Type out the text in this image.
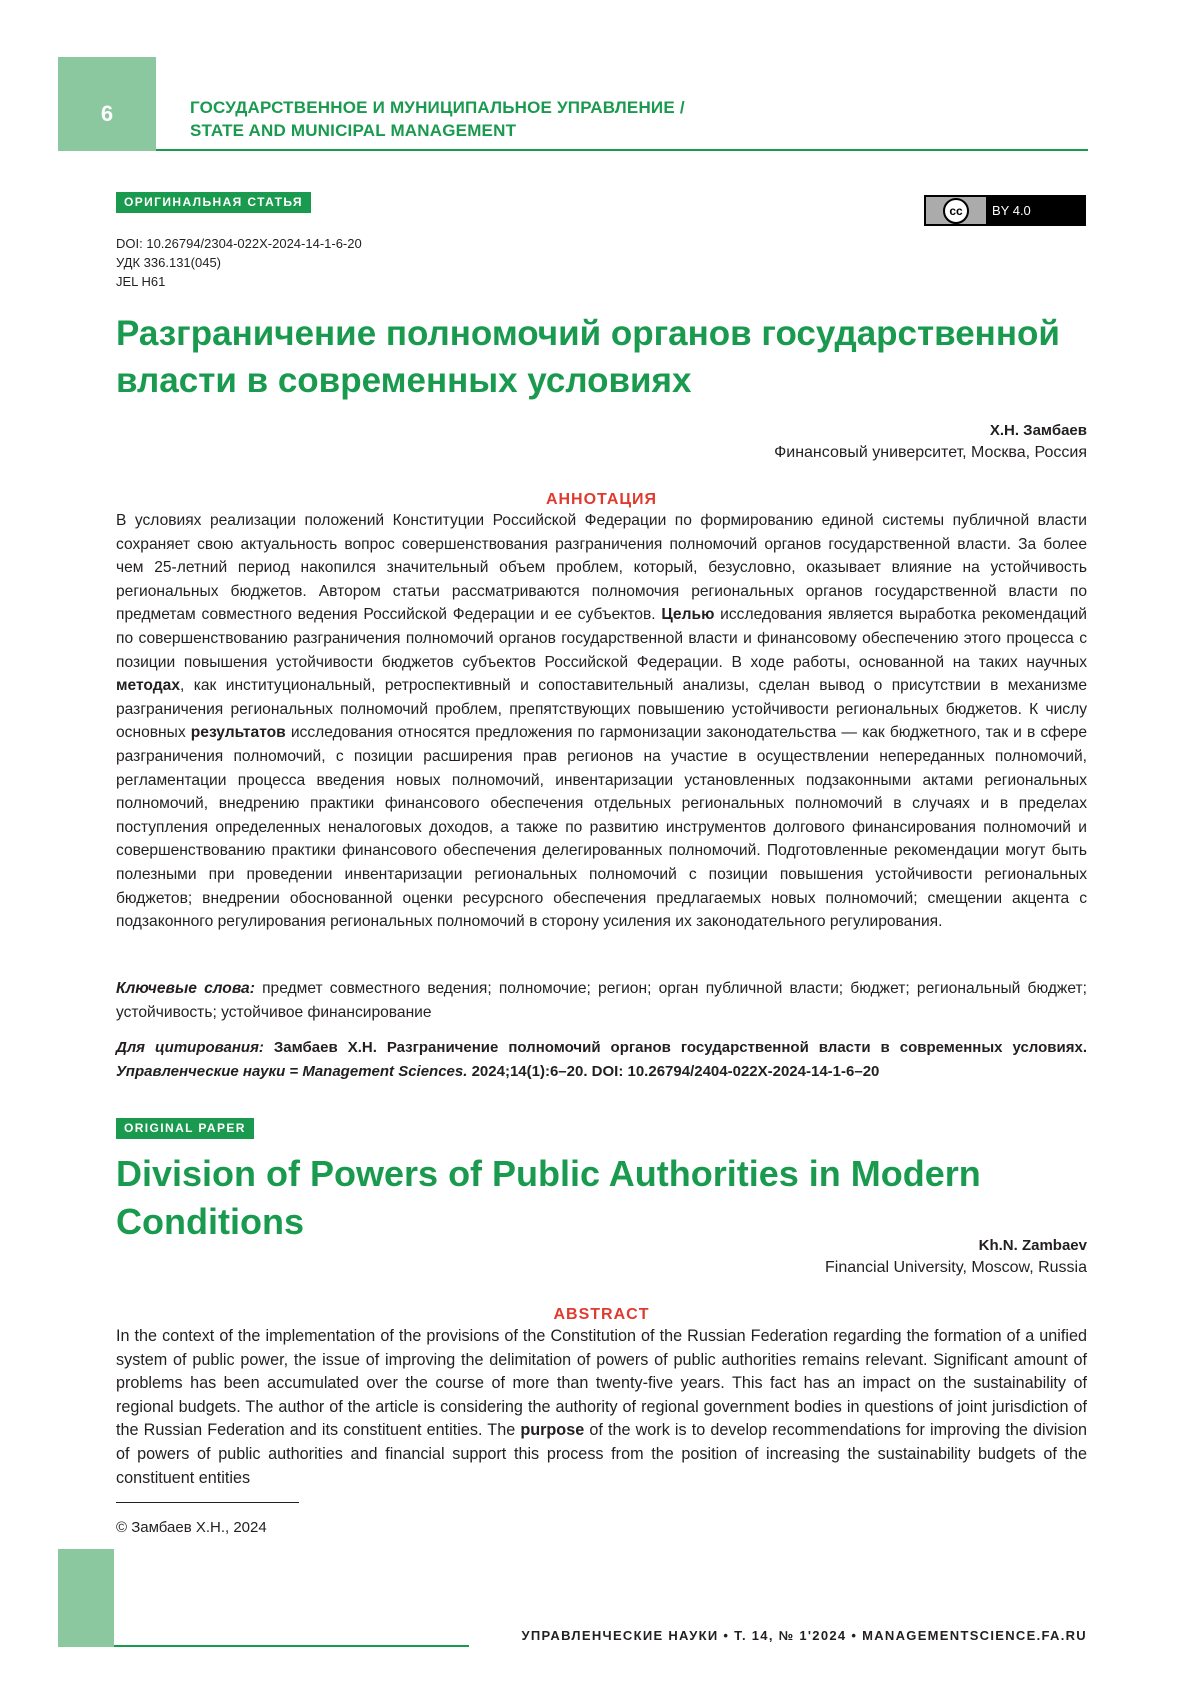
6	ГОСУДАРСТВЕННОЕ И МУНИЦИПАЛЬНОЕ УПРАВЛЕНИЕ /
STATE AND MUNICIPAL MANAGEMENT
ОРИГИНАЛЬНАЯ СТАТЬЯ
cc	BY 4.0
DOI: 10.26794/2304-022X-2024-14-1-6-20
УДК 336.131(045)
JEL H61
Разграничение полномочий органов государственной власти в современных условиях
Х.Н. Замбаев
Финансовый университет, Москва, Россия
АННОТАЦИЯ
В условиях реализации положений Конституции Российской Федерации по формированию единой системы публичной власти сохраняет свою актуальность вопрос совершенствования разграничения полномочий органов государственной власти. За более чем 25-летний период накопился значительный объем проблем, который, безусловно, оказывает влияние на устойчивость региональных бюджетов. Автором статьи рассматриваются полномочия региональных органов государственной власти по предметам совместного ведения Российской Федерации и ее субъектов. Целью исследования является выработка рекомендаций по совершенствованию разграничения полномочий органов государственной власти и финансовому обеспечению этого процесса с позиции повышения устойчивости бюджетов субъектов Российской Федерации. В ходе работы, основанной на таких научных методах, как институциональный, ретроспективный и сопоставительный анализы, сделан вывод о присутствии в механизме разграничения региональных полномочий проблем, препятствующих повышению устойчивости региональных бюджетов. К числу основных результатов исследования относятся предложения по гармонизации законодательства — как бюджетного, так и в сфере разграничения полномочий, с позиции расширения прав регионов на участие в осуществлении непереданных полномочий, регламентации процесса введения новых полномочий, инвентаризации установленных подзаконными актами региональных полномочий, внедрению практики финансового обеспечения отдельных региональных полномочий в случаях и в пределах поступления определенных неналоговых доходов, а также по развитию инструментов долгового финансирования полномочий и совершенствованию практики финансового обеспечения делегированных полномочий. Подготовленные рекомендации могут быть полезными при проведении инвентаризации региональных полномочий с позиции повышения устойчивости региональных бюджетов; внедрении обоснованной оценки ресурсного обеспечения предлагаемых новых полномочий; смещении акцента с подзаконного регулирования региональных полномочий в сторону усиления их законодательного регулирования.
Ключевые слова: предмет совместного ведения; полномочие; регион; орган публичной власти; бюджет; региональный бюджет; устойчивость; устойчивое финансирование
Для цитирования: Замбаев Х.Н. Разграничение полномочий органов государственной власти в современных условиях. Управленческие науки = Management Sciences. 2024;14(1):6–20. DOI: 10.26794/2404-022X-2024-14-1-6–20
ORIGINAL PAPER
Division of Powers of Public Authorities in Modern Conditions
Kh.N. Zambaev
Financial University, Moscow, Russia
ABSTRACT
In the context of the implementation of the provisions of the Constitution of the Russian Federation regarding the formation of a unified system of public power, the issue of improving the delimitation of powers of public authorities remains relevant. Significant amount of problems has been accumulated over the course of more than twenty-five years. This fact has an impact on the sustainability of regional budgets. The author of the article is considering the authority of regional government bodies in questions of joint jurisdiction of the Russian Federation and its constituent entities. The purpose of the work is to develop recommendations for improving the division of powers of public authorities and financial support this process from the position of increasing the sustainability budgets of the constituent entities
© Замбаев Х.Н., 2024
УПРАВЛЕНЧЕСКИЕ НАУКИ • Т. 14, № 1'2024 • MANAGEMENTSCIENCE.FA.RU
